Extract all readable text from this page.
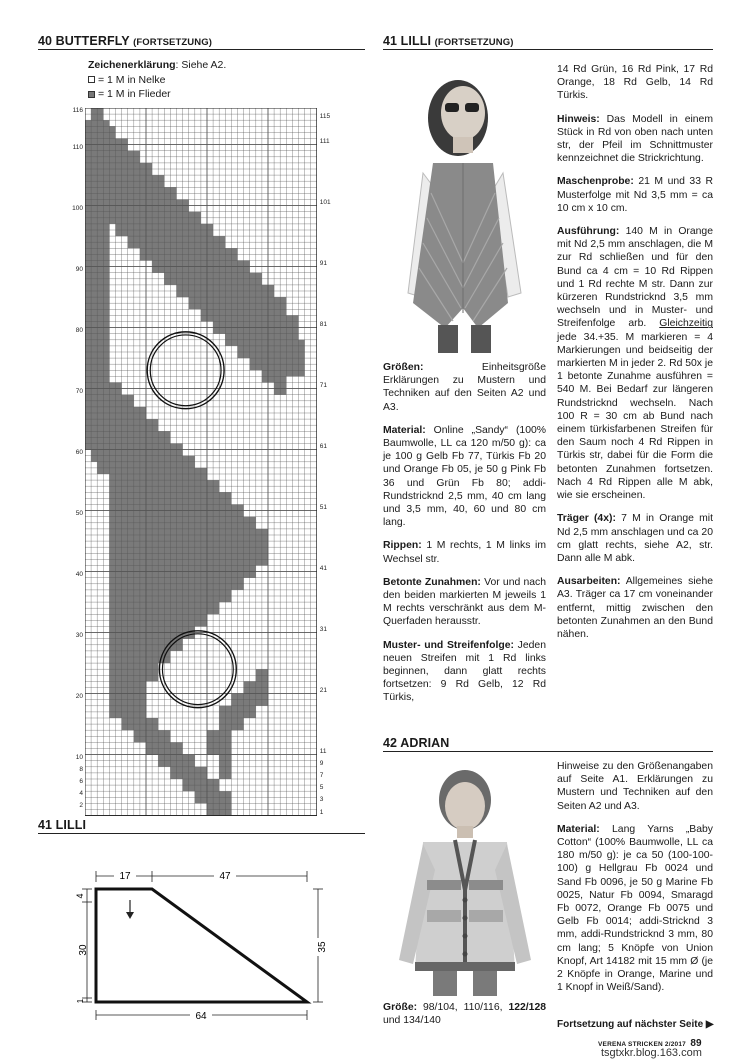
40 BUTTERFLY (FORTSETZUNG)
Zeichenerklärung: Siehe A2.
= 1 M in Nelke
= 1 M in Flieder
116
110
100
90
80
70
60
50
40
30
20
10
8
6
4
2
115
111
101
91
81
71
61
51
41
31
21
11
9
7
5
3
1
41 LILLI
17	47
4
30
1
35
64
41 LILLI (FORTSETZUNG)

Größen: Einheitsgröße Erklärungen zu Mustern und Techniken auf den Seiten A2 und A3.

Material: Online „Sandy“ (100% Baumwolle, LL ca 120 m/50 g): ca je 100 g Gelb Fb 77, Türkis Fb 20 und Orange Fb 05, je 50 g Pink Fb 36 und Grün Fb 80; addi-Rundstricknd 2,5 mm, 40 cm lang und 3,5 mm, 40, 60 und 80 cm lang.

Rippen: 1 M rechts, 1 M links im Wechsel str.

Betonte Zunahmen: Vor und nach den beiden markierten M jeweils 1 M rechts verschränkt aus dem M-Querfaden herausstr.

Muster- und Streifenfolge: Jeden neuen Streifen mit 1 Rd links beginnen, dann glatt rechts fortsetzen: 9 Rd Gelb, 12 Rd Türkis,

14 Rd Grün, 16 Rd Pink, 17 Rd Orange, 18 Rd Gelb, 14 Rd Türkis.

Hinweis: Das Modell in einem Stück in Rd von oben nach unten str, der Pfeil im Schnittmuster kennzeichnet die Strickrichtung.

Maschenprobe: 21 M und 33 R Musterfolge mit Nd 3,5 mm = ca 10 cm x 10 cm.

Ausführung: 140 M in Orange mit Nd 2,5 mm anschlagen, die M zur Rd schließen und für den Bund ca 4 cm = 10 Rd Rippen und 1 Rd rechte M str. Dann zur kürzeren Rundstricknd 3,5 mm wechseln und in Muster- und Streifenfolge arb. Gleichzeitig jede 34.+35. M markieren = 4 Markierungen und beidseitig der markierten M in jeder 2. Rd 50x je 1 betonte Zunahme ausführen = 540 M. Bei Bedarf zur längeren Rundstricknd wechseln. Nach 100 R = 30 cm ab Bund nach einem türkisfarbenen Streifen für den Saum noch 4 Rd Rippen in Türkis str, dabei für die Form die betonten Zunahmen fortsetzen. Nach 4 Rd Rippen alle M abk, wie sie erscheinen.

Träger (4x): 7 M in Orange mit Nd 2,5 mm anschlagen und ca 20 cm glatt rechts, siehe A2, str. Dann alle M abk.

Ausarbeiten: Allgemeines siehe A3. Träger ca 17 cm voneinander entfernt, mittig zwischen den betonten Zunahmen an den Bund nähen.

42 ADRIAN
Größe: 98/104, 110/116, 122/128 und 134/140

Hinweise zu den Größenangaben auf Seite A1. Erklärungen zu Mustern und Techniken auf den Seiten A2 und A3.

Material: Lang Yarns „Baby Cotton“ (100% Baumwolle, LL ca 180 m/50 g): je ca 50 (100-100-100) g Hellgrau Fb 0024 und Sand Fb 0096, je 50 g Marine Fb 0025, Natur Fb 0094, Smaragd Fb 0072, Orange Fb 0075 und Gelb Fb 0014; addi-Stricknd 3 mm, addi-Rundstricknd 3 mm, 80 cm lang; 5 Knöpfe von Union Knopf, Art 14182 mit 15 mm Ø (je 2 Knöpfe in Orange, Marine und 1 Knopf in Weiß/Sand).

Fortsetzung auf nächster Seite ▶
VERENA STRICKEN 2/2017 89
tsgtxkr.blog.163.com
